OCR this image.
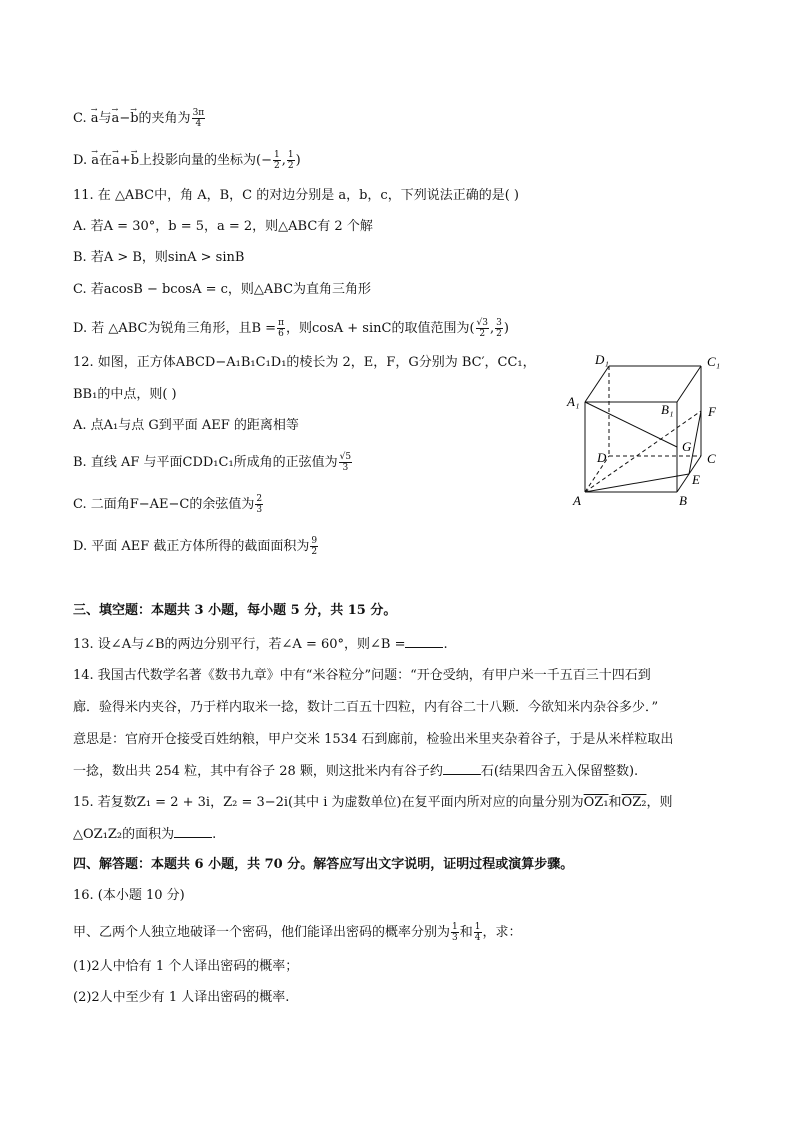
C. → a与→ a−→ b的夹角为 $\frac{3\pi}{4}$
D. → a在→ a+→ b上投影向量的坐标为(− $\frac{1}{2}$ , $\frac{1}{2}$ )
11. 在 △ABC中，角 A，B，C 的对边分别是 a，b，c，下列说法正确的是( )
A. 若A = 30°，b = 5，a = 2，则△ABC有 2 个解
B. 若A > B，则sinA > sinB
C. 若acosB − bcosA = c，则△ABC为直角三角形
D. 若 △ABC为锐角三角形，且$B = \frac{\pi}{6}$ ，则cosA + sinC的取值范围为( $\frac{√3}{2}$ , $\frac{3}{2}$ )
12. 如图，正方体ABCD−A₁B₁C₁D₁的棱长为 2，E，F，G分别为 BC′，CC₁，
BB₁的中点，则( )
A. 点A₁与点 G到平面 AEF 的距离相等
B. 直线 AF 与平面CDD₁C₁所成角的正弦值为 $\frac{√5}{3}$
C. 二面角F−AE−C的余弦值为 $\frac{2}{3}$
D. 平面 AEF 截正方体所得的截面面积为 $\frac{9}{2}$
D₁	C₁
A₁
B₁	F
G
D	C
E
A	B
三、填空题：本题共 3 小题，每小题 5 分，共 15 分。
13. 设∠A与∠B的两边分别平行，若∠A = 60°，则∠B =	.
14. 我国古代数学名著《数书九章》中有“米谷粒分”问题：“开仓受纳，有甲户米一千五百三十四石到
廊．验得米内夹谷，乃于样内取米一捻，数计二百五十四粒，内有谷二十八颗．今欲知米内杂谷多少．”
意思是：官府开仓接受百姓纳粮，甲户交米 1534 石到廊前，检验出米里夹杂着谷子，于是从米样粒取出
一捻，数出共 254 粒，其中有谷子 28 颗，则这批米内有谷子约	石(结果四舍五入保留整数).
15. 若复数Z₁ = 2 + 3i，Z₂ = 3−2i(其中 i 为虚数单位)在复平面内所对应的向量分别为OZ₁和OZ₂，则
△OZ₁Z₂的面积为	.
四、解答题：本题共 6 小题，共 70 分。解答应写出文字说明，证明过程或演算步骤。
16. (本小题 10 分)
甲、乙两个人独立地破译一个密码，他们能译出密码的概率分别为 $\frac{1}{3}$ 和 $\frac{1}{4}$ ，求：
(1)2人中恰有 1 个人译出密码的概率；
(2)2人中至少有 1 人译出密码的概率.
